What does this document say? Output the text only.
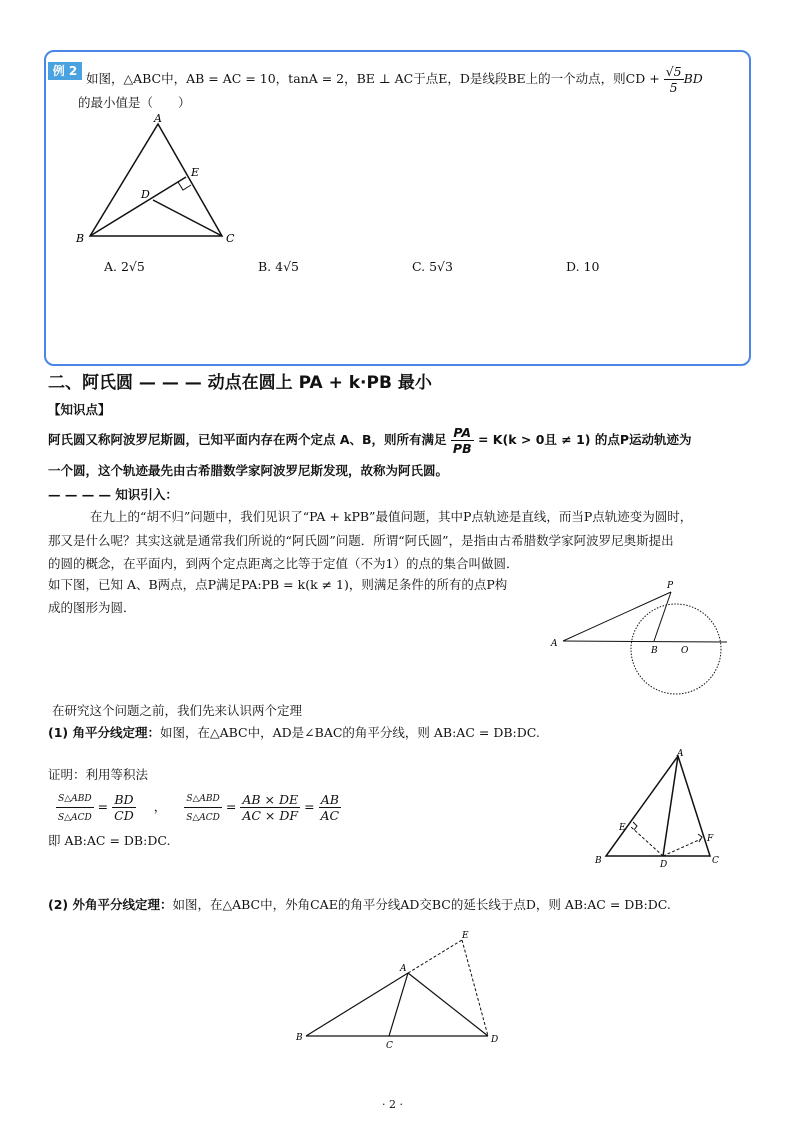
例 2 如图，△ABC中，AB = AC = 10，tanA = 2，BE ⊥ AC于点E，D是线段BE上的一个动点，则CD + $\frac{√5}{5}$ BD
的最小值是（　　）
A
E
D
B	C
A. 2√5	B. 4√5	C. 5√3	D. 10
二、阿氏圆 — — — 动点在圆上 PA + k·PB 最小
【知识点】
阿氏圆又称阿波罗尼斯圆，已知平面内存在两个定点 A、B，则所有满足 $\frac{PA}{PB} = K(k > 0$且 ≠ 1) 的点P运动轨迹为
一个圆，这个轨迹最先由古希腊数学家阿波罗尼斯发现，故称为阿氏圆。
— — — — 知识引入：
在九上的“胡不归”问题中，我们见识了“PA + kPB”最值问题，其中P点轨迹是直线，而当P点轨迹变为圆时，
那又是什么呢？其实这就是通常我们所说的“阿氏圆”问题．所谓“阿氏圆”，是指由古希腊数学家阿波罗尼奥斯提出
的圆的概念，在平面内，到两个定点距离之比等于定值（不为1）的点的集合叫做圆．
如下图，已知 A、B两点，点P满足PA:PB = k(k ≠ 1)，则满足条件的所有的点P构
成的图形为圆．
P
A
B	O
在研究这个问题之前，我们先来认识两个定理
(1) 角平分线定理：如图，在△ABC中，AD是∠BAC的角平分线，则 AB:AC = DB:DC.
证明：利用等积法
$\frac{\text{S△ABD}}{\text{S△ACD}} = \frac{BD}{CD}$ ， $\frac{\text{S△ABD}}{\text{S△ACD}} = \frac{AB \times DE}{AC \times DF} = \frac{AB}{AC}$
即 AB:AC = DB:DC.
A
E
F
B	D	C
(2) 外角平分线定理：如图，在△ABC中，外角CAE的角平分线AD交BC的延长线于点D，则 AB:AC = DB:DC.
E
A
B
C
D
· 2 ·
